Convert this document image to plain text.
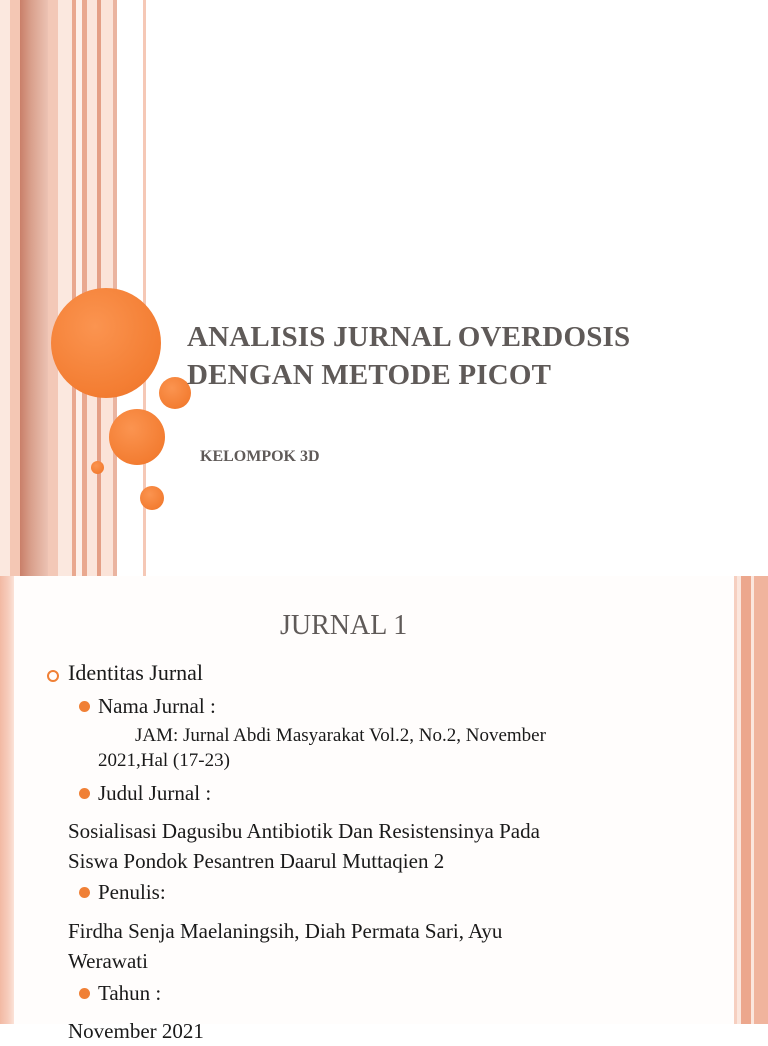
ANALISIS JURNAL OVERDOSIS
DENGAN METODE PICOT
KELOMPOK 3D
JURNAL 1
Identitas Jurnal
Nama Jurnal :
JAM: Jurnal Abdi Masyarakat Vol.2, No.2, November
2021,Hal (17-23)
Judul Jurnal :
Sosialisasi Dagusibu Antibiotik Dan Resistensinya Pada
Siswa Pondok Pesantren Daarul Muttaqien 2
Penulis:
Firdha Senja Maelaningsih, Diah Permata Sari, Ayu
Werawati
Tahun :
November 2021
